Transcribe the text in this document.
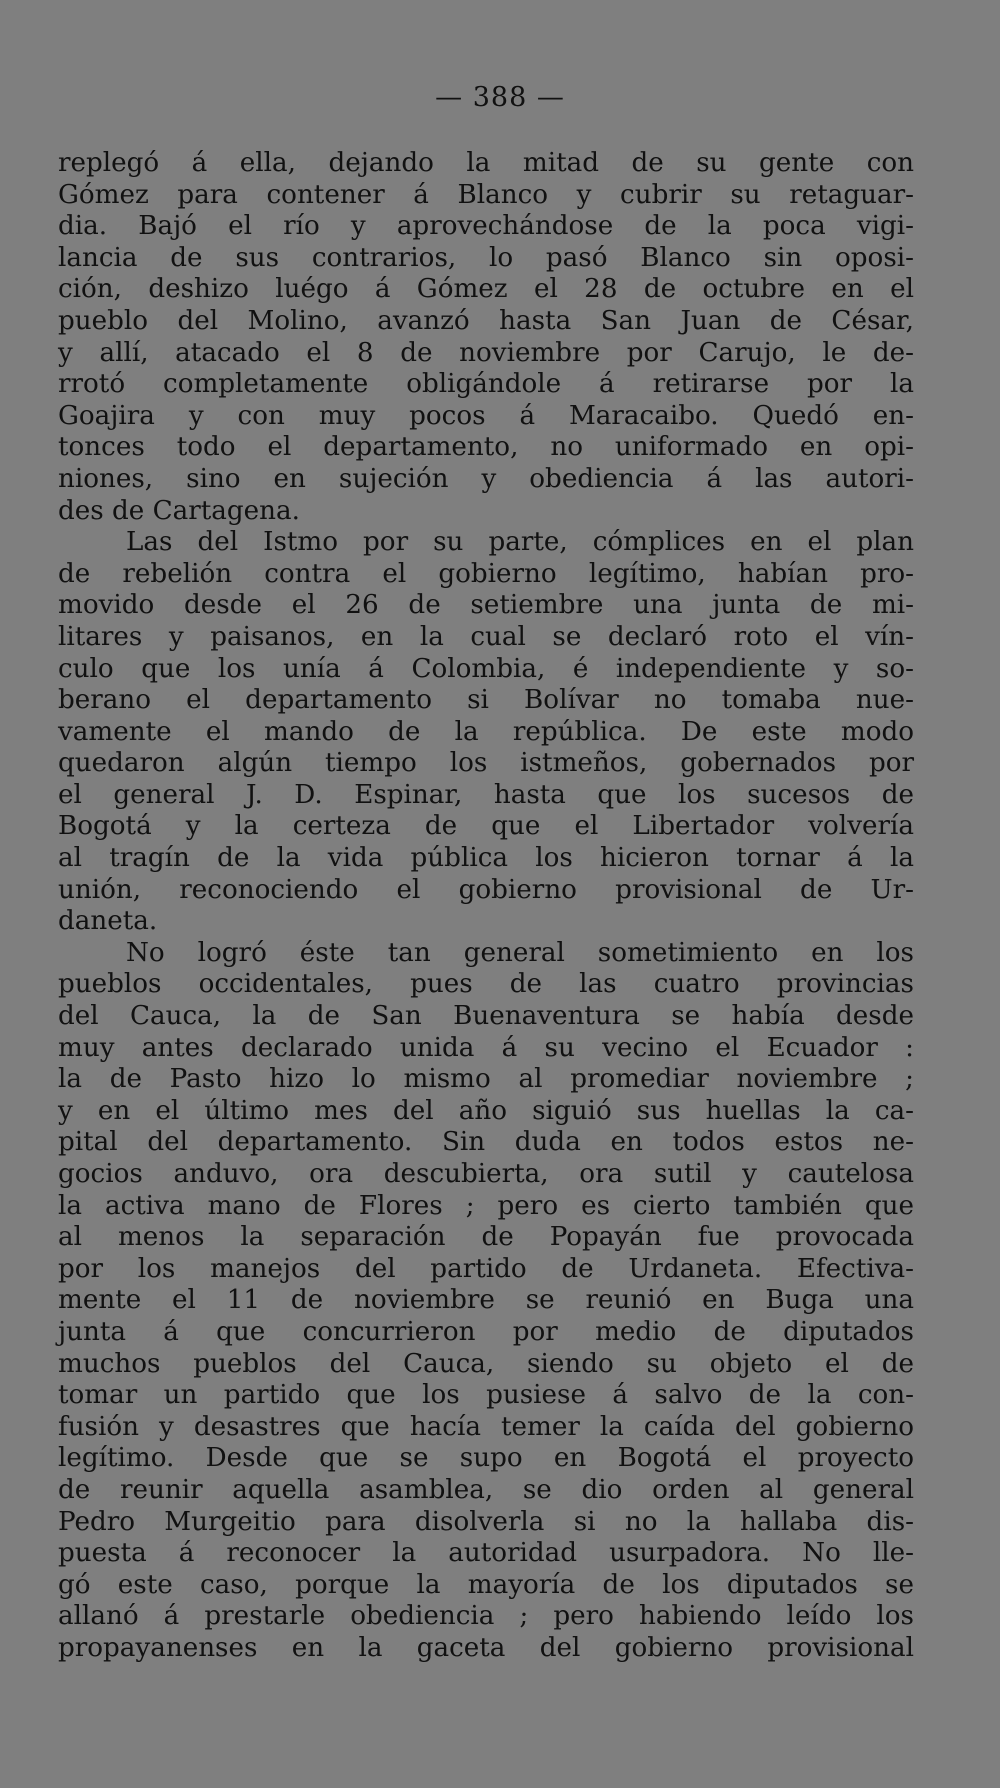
— 388 —
replegó á ella, dejando la mitad de su gente con
Gómez para contener á Blanco y cubrir su retaguar-
dia. Bajó el río y aprovechándose de la poca vigi-
lancia de sus contrarios, lo pasó Blanco sin oposi-
ción, deshizo luégo á Gómez el 28 de octubre en el
pueblo del Molino, avanzó hasta San Juan de César,
y allí, atacado el 8 de noviembre por Carujo, le de-
rrotó completamente obligándole á retirarse por la
Goajira y con muy pocos á Maracaibo. Quedó en-
tonces todo el departamento, no uniformado en opi-
niones, sino en sujeción y obediencia á las autori-
des de Cartagena.
Las del Istmo por su parte, cómplices en el plan
de rebelión contra el gobierno legítimo, habían pro-
movido desde el 26 de setiembre una junta de mi-
litares y paisanos, en la cual se declaró roto el vín-
culo que los unía á Colombia, é independiente y so-
berano el departamento si Bolívar no tomaba nue-
vamente el mando de la república. De este modo
quedaron algún tiempo los istmeños, gobernados por
el general J. D. Espinar, hasta que los sucesos de
Bogotá y la certeza de que el Libertador volvería
al tragín de la vida pública los hicieron tornar á la
unión, reconociendo el gobierno provisional de Ur-
daneta.
No logró éste tan general sometimiento en los
pueblos occidentales, pues de las cuatro provincias
del Cauca, la de San Buenaventura se había desde
muy antes declarado unida á su vecino el Ecuador :
la de Pasto hizo lo mismo al promediar noviembre ;
y en el último mes del año siguió sus huellas la ca-
pital del departamento. Sin duda en todos estos ne-
gocios anduvo, ora descubierta, ora sutil y cautelosa
la activa mano de Flores ; pero es cierto también que
al menos la separación de Popayán fue provocada
por los manejos del partido de Urdaneta. Efectiva-
mente el 11 de noviembre se reunió en Buga una
junta á que concurrieron por medio de diputados
muchos pueblos del Cauca, siendo su objeto el de
tomar un partido que los pusiese á salvo de la con-
fusión y desastres que hacía temer la caída del gobierno
legítimo. Desde que se supo en Bogotá el proyecto
de reunir aquella asamblea, se dio orden al general
Pedro Murgeitio para disolverla si no la hallaba dis-
puesta á reconocer la autoridad usurpadora. No lle-
gó este caso, porque la mayoría de los diputados se
allanó á prestarle obediencia ; pero habiendo leído los
propayanenses en la gaceta del gobierno provisional
